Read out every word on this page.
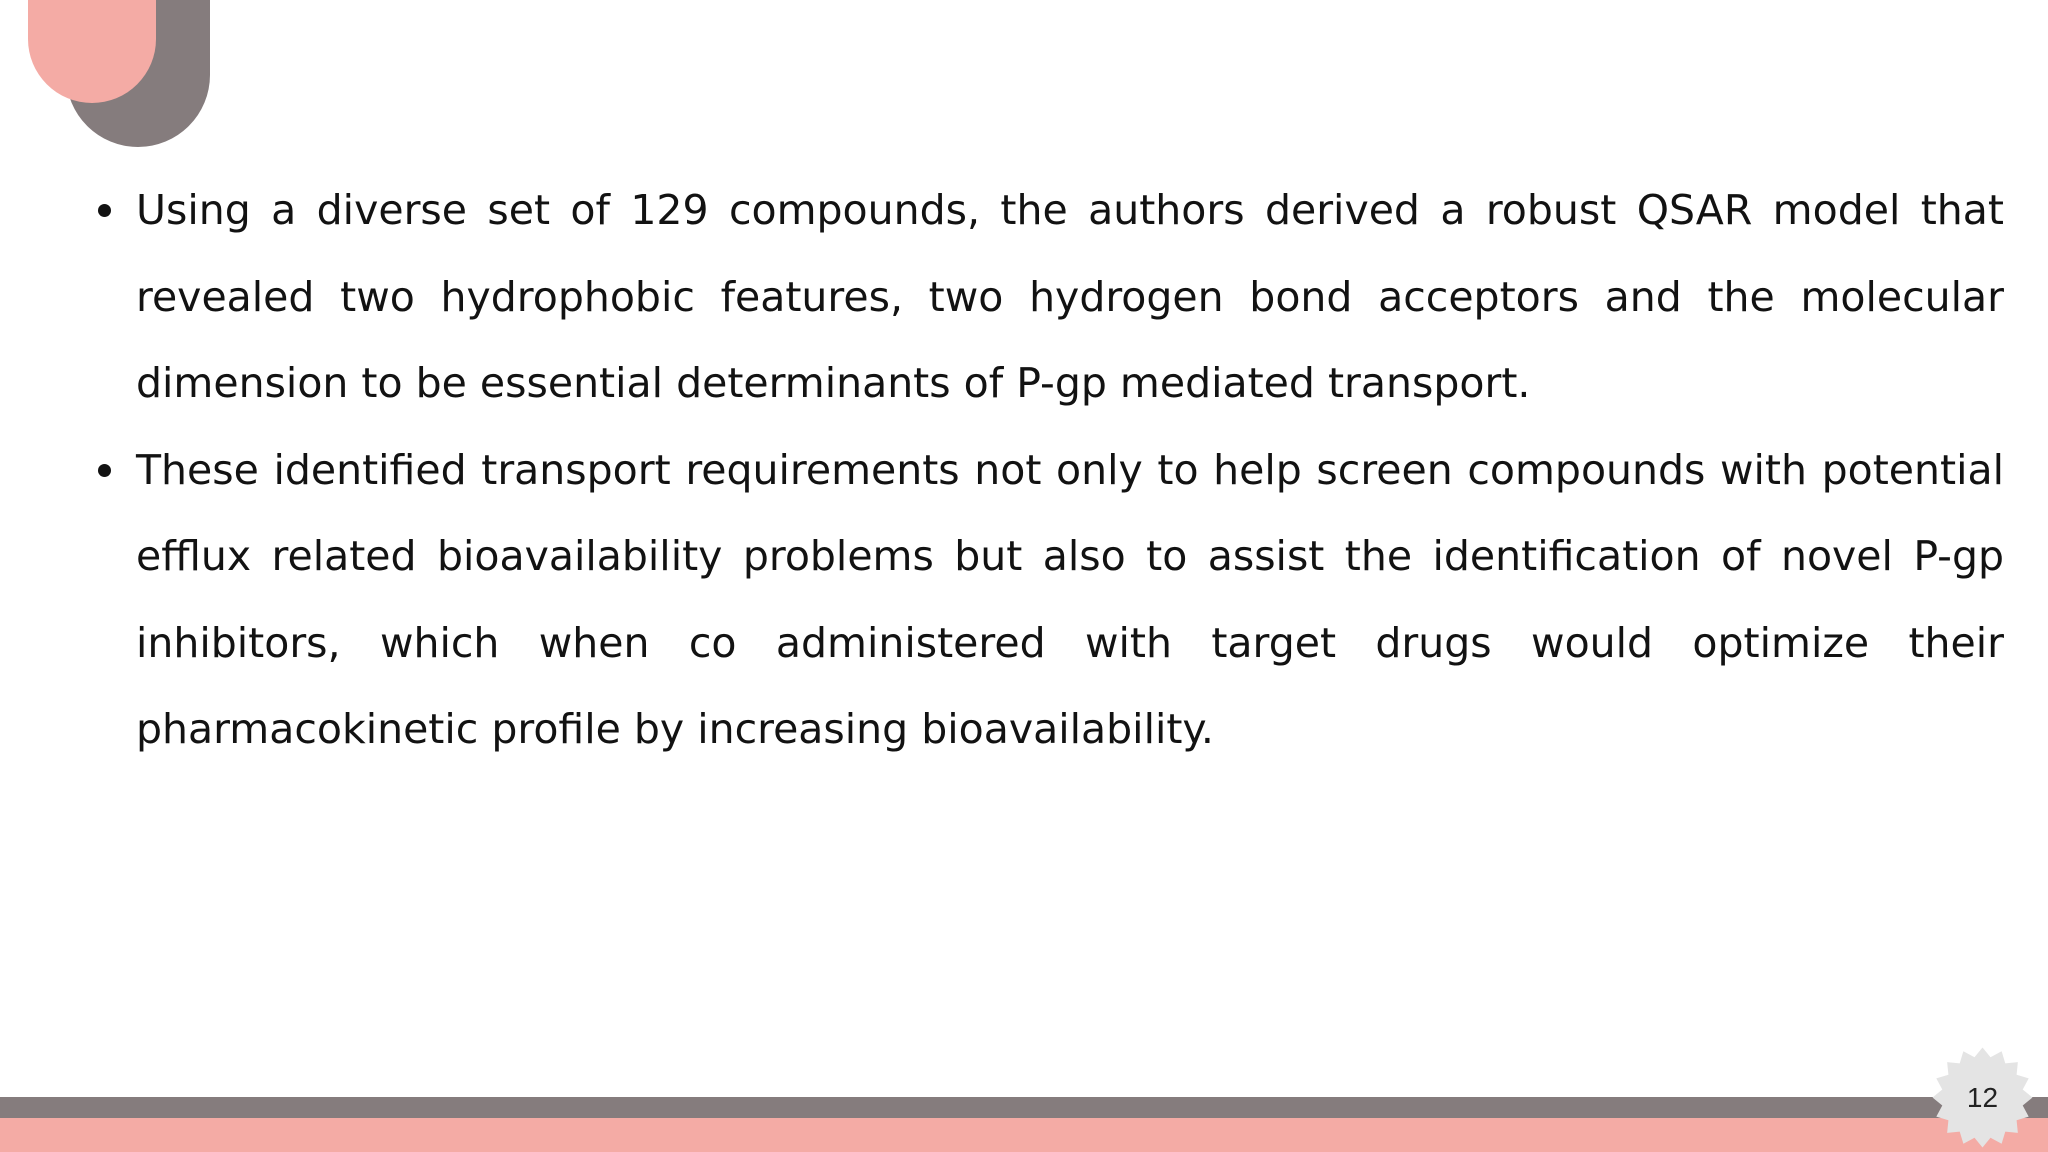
Using a diverse set of 129 compounds, the authors derived a robust QSAR model that revealed two hydrophobic features, two hydrogen bond acceptors and the molecular dimension to be essential determinants of P-gp mediated transport.
These identified transport requirements not only to help screen compounds with potential efflux related bioavailability problems but also to assist the identification of novel P-gp inhibitors, which when co administered with target drugs would optimize their pharmacokinetic profile by increasing bioavailability.
12
